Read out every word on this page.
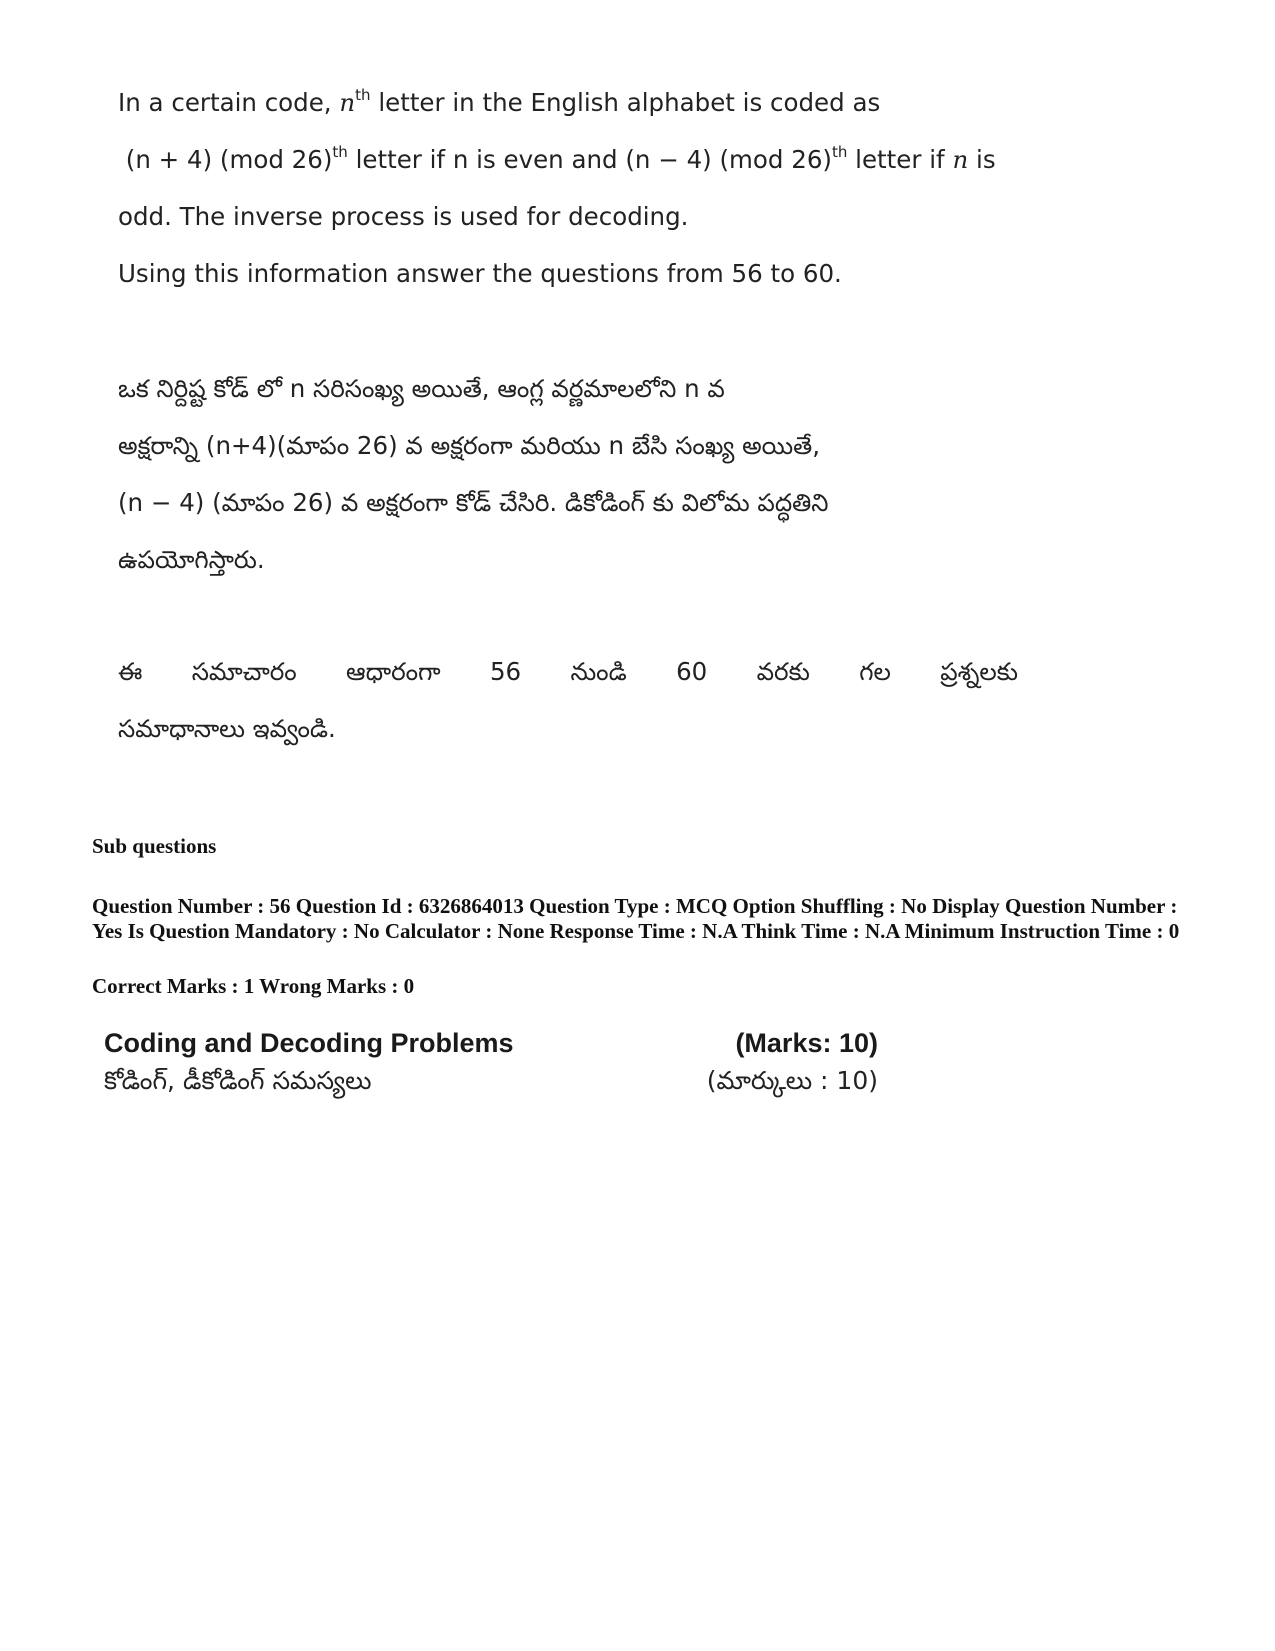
In a certain code, $n^{th}$ letter in the English alphabet is coded as

(n + 4) (mod 26)$^{th}$ letter if n is even and (n − 4) (mod 26)$^{th}$ letter if n is

odd. The inverse process is used for decoding.

Using this information answer the questions from 56 to 60.

ఒక నిర్దిష్ట కోడ్ లో n సరిసంఖ్య అయితే, ఆంగ్ల వర్ణమాలలోని n వ

అక్షరాన్ని (n+4)(మాపం 26) వ అక్షరంగా మరియు n బేసి సంఖ్య అయితే,

(n − 4) (మాపం 26) వ అక్షరంగా కోడ్ చేసిరి. డికోడింగ్ కు విలోమ పద్ధతిని

ఉపయోగిస్తారు.

ఈ సమాచారం ఆధారంగా 56 నుండి 60 వరకు గల ప్రశ్నలకు

సమాధానాలు ఇవ్వండి.

Sub questions
Question Number : 56 Question Id : 6326864013 Question Type : MCQ Option Shuffling : No Display Question Number : Yes Is Question Mandatory : No Calculator : None Response Time : N.A Think Time : N.A Minimum Instruction Time : 0
Correct Marks : 1 Wrong Marks : 0
Coding and Decoding Problems	(Marks: 10)
కోడింగ్, డీకోడింగ్ సమస్యలు	(మార్కులు : 10)
